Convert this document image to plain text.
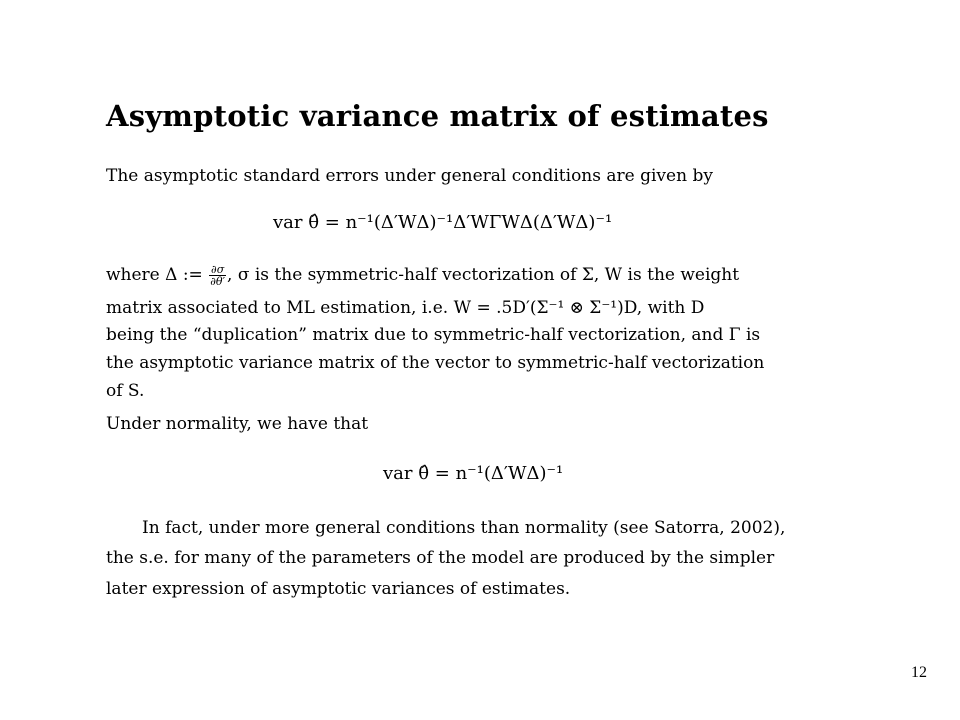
Asymptotic variance matrix of estimates
The asymptotic standard errors under general conditions are given by
var θ̂ = n⁻¹(Δ′WΔ)⁻¹Δ′WΓWΔ(Δ′WΔ)⁻¹
where Δ := $\frac{\partial\sigma}{\partial\theta'}$ , σ is the symmetric-half vectorization of Σ, W is the weight
matrix associated to ML estimation, i.e. W = .5D′(Σ⁻¹ ⊗ Σ⁻¹)D, with D
being the “duplication” matrix due to symmetric-half vectorization, and Γ is
the asymptotic variance matrix of the vector to symmetric-half vectorization
of S.
Under normality, we have that
var θ̂ = n⁻¹(Δ′WΔ)⁻¹
In fact, under more general conditions than normality (see Satorra, 2002),
the s.e. for many of the parameters of the model are produced by the simpler
later expression of asymptotic variances of estimates.
12
